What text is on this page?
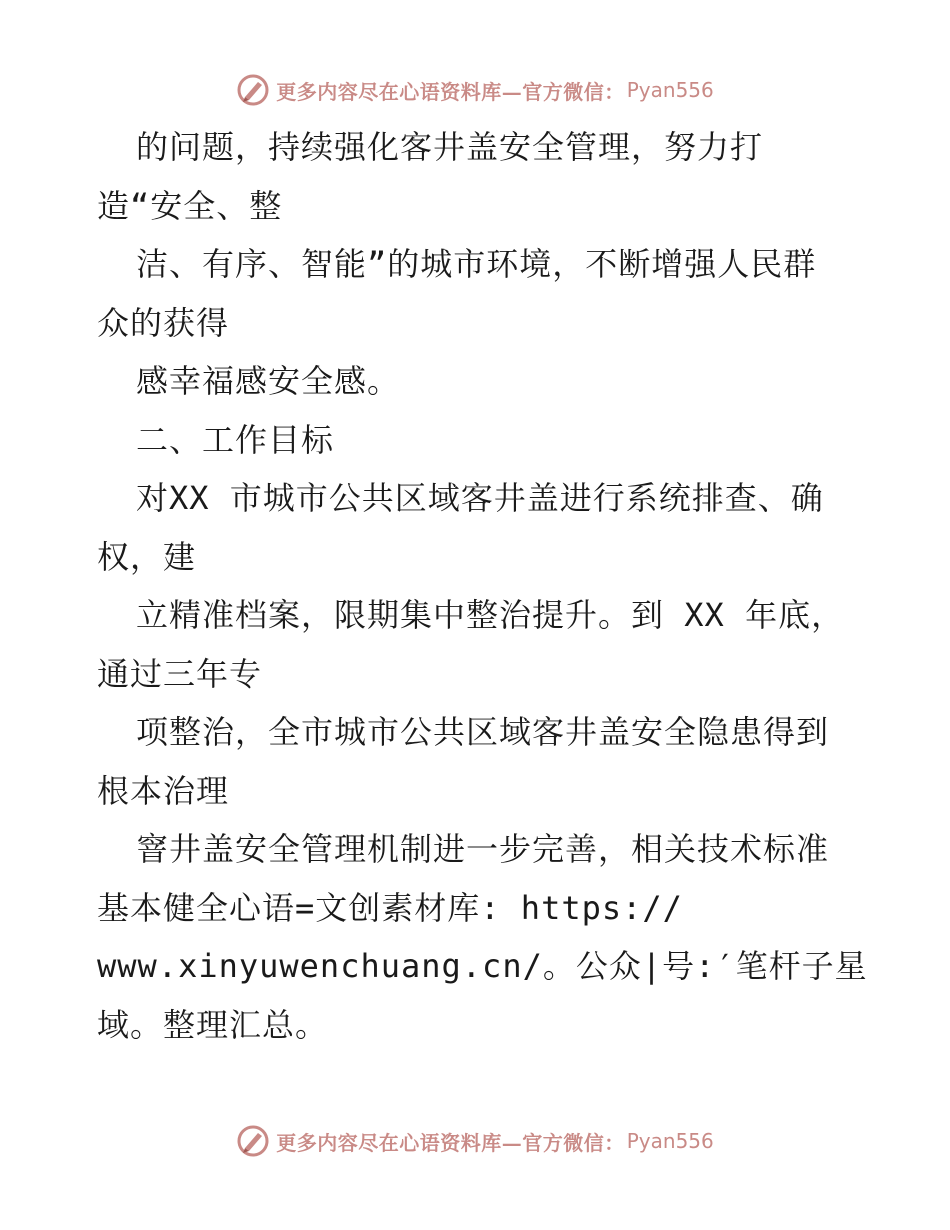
更多内容尽在心语资料库—官方微信： Pyan556
的问题，持续强化客井盖安全管理，努力打
造“安全、整
洁、有序、智能”的城市环境，不断增强人民群
众的获得
感幸福感安全感。
二、工作目标
对XX 市城市公共区域客井盖进行系统排查、确
权，建
立精准档案，限期集中整治提升。到 XX 年底，
通过三年专
项整治，全市城市公共区域客井盖安全隐患得到
根本治理
窨井盖安全管理机制进一步完善，相关技术标准
基本健全心语=文创素材库: https://
www.xinyuwenchuang.cn/。公众|号:′笔杆子星
域。整理汇总。
更多内容尽在心语资料库—官方微信： Pyan556
